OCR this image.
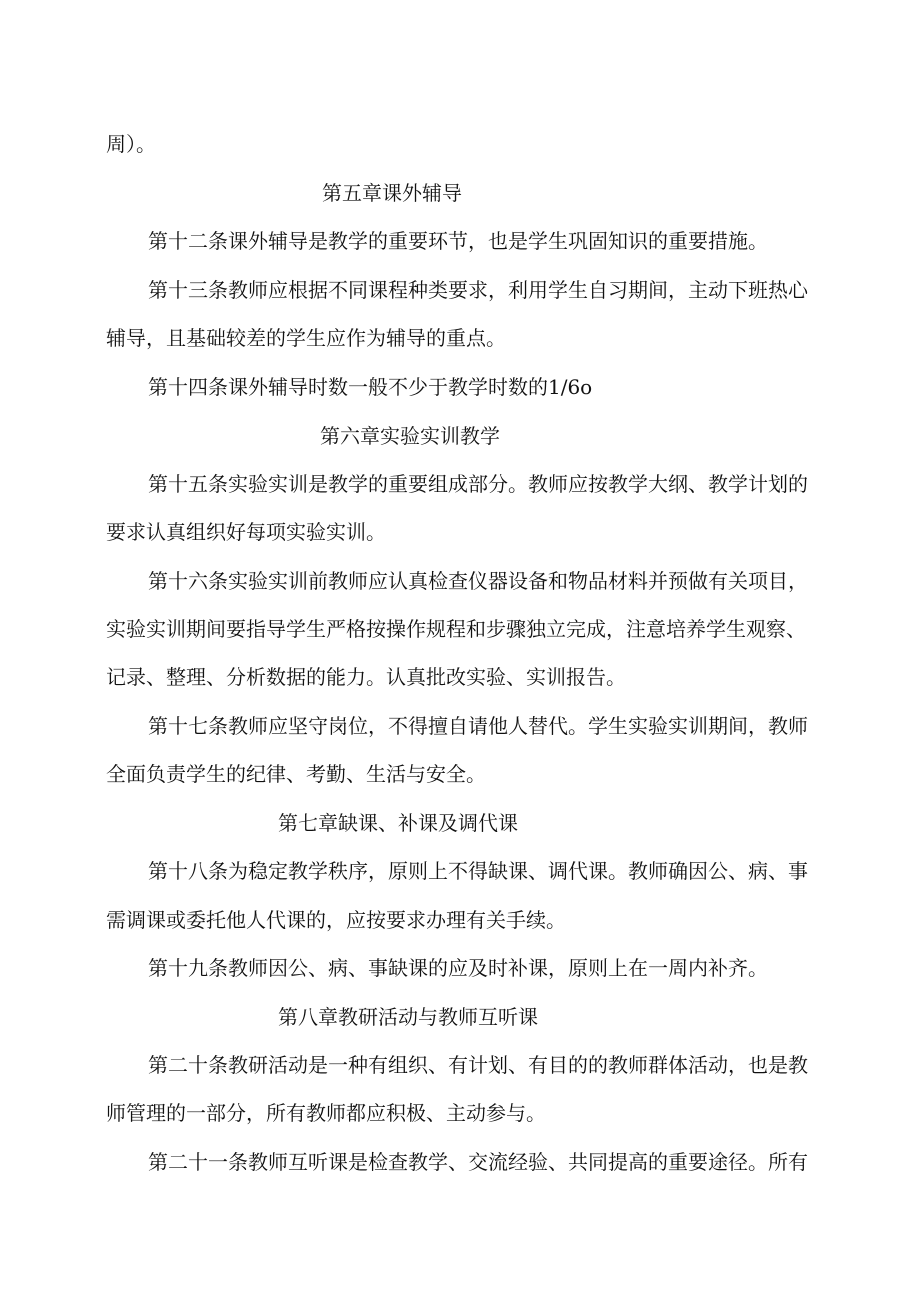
周）。
第五章课外辅导
第十二条课外辅导是教学的重要环节，也是学生巩固知识的重要措施。
第十三条教师应根据不同课程种类要求，利用学生自习期间，主动下班热心
辅导，且基础较差的学生应作为辅导的重点。
第十四条课外辅导时数一般不少于教学时数的1/6o
第六章实验实训教学
第十五条实验实训是教学的重要组成部分。教师应按教学大纲、教学计划的
要求认真组织好每项实验实训。
第十六条实验实训前教师应认真检查仪器设备和物品材料并预做有关项目，
实验实训期间要指导学生严格按操作规程和步骤独立完成，注意培养学生观察、
记录、整理、分析数据的能力。认真批改实验、实训报告。
第十七条教师应坚守岗位，不得擅自请他人替代。学生实验实训期间，教师
全面负责学生的纪律、考勤、生活与安全。
第七章缺课、补课及调代课
第十八条为稳定教学秩序，原则上不得缺课、调代课。教师确因公、病、事
需调课或委托他人代课的，应按要求办理有关手续。
第十九条教师因公、病、事缺课的应及时补课，原则上在一周内补齐。
第八章教研活动与教师互听课
第二十条教研活动是一种有组织、有计划、有目的的教师群体活动，也是教
师管理的一部分，所有教师都应积极、主动参与。
第二十一条教师互听课是检查教学、交流经验、共同提高的重要途径。所有
